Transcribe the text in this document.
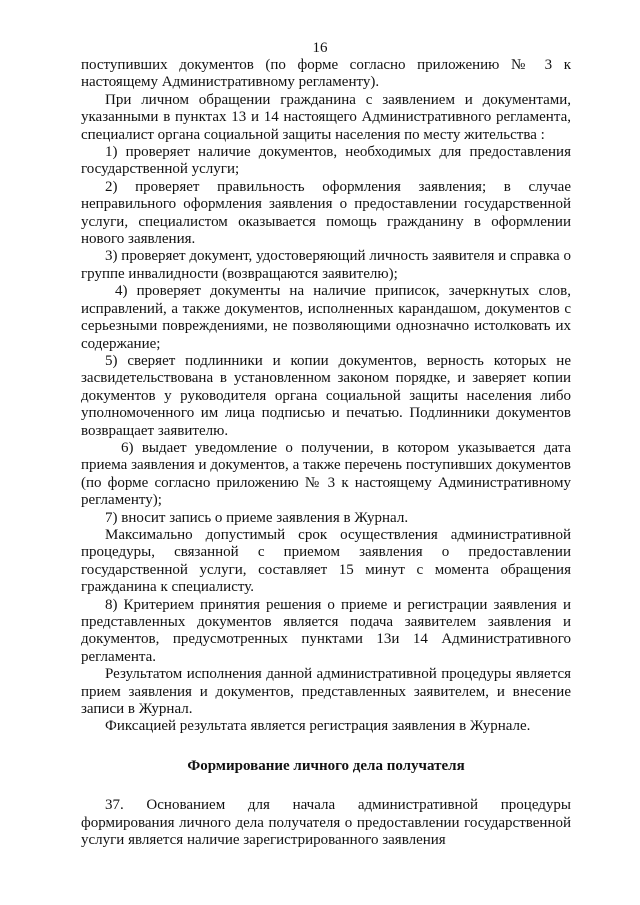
16

поступивших документов (по форме согласно приложению № 3 к настоящему Административному регламенту).

При личном обращении гражданина с заявлением и документами, указанными в пунктах 13 и 14 настоящего Административного регламента, специалист органа социальной защиты населения по месту жительства :

1) проверяет наличие документов, необходимых для предоставления государственной услуги;

2) проверяет правильность оформления заявления; в случае неправильного оформления заявления о предоставлении государственной услуги, специалистом оказывается помощь гражданину в оформлении нового заявления.

3) проверяет документ, удостоверяющий личность заявителя и справка о группе инвалидности (возвращаются заявителю);

4) проверяет документы на наличие приписок, зачеркнутых слов, исправлений, а также документов, исполненных карандашом, документов с серьезными повреждениями, не позволяющими однозначно истолковать их содержание;

5) сверяет подлинники и копии документов, верность которых не засвидетельствована в установленном законом порядке, и заверяет копии документов у руководителя органа социальной защиты населения либо уполномоченного им лица подписью и печатью. Подлинники документов возвращает заявителю.

6) выдает уведомление о получении, в котором указывается дата приема заявления и документов, а также перечень поступивших документов (по форме согласно приложению № 3 к настоящему Административному регламенту);

7) вносит запись о приеме заявления в Журнал.

Максимально допустимый срок осуществления административной процедуры, связанной с приемом заявления о предоставлении государственной услуги, составляет 15 минут с момента обращения гражданина к специалисту.

8) Критерием принятия решения о приеме и регистрации заявления и представленных документов является подача заявителем заявления и документов, предусмотренных пунктами 13и 14 Административного регламента.

Результатом исполнения данной административной процедуры является прием заявления и документов, представленных заявителем, и внесение записи в Журнал.

Фиксацией результата является регистрация заявления в Журнале.

Формирование личного дела получателя

37. Основанием для начала административной процедуры формирования личного дела получателя о предоставлении государственной услуги является наличие зарегистрированного заявления
